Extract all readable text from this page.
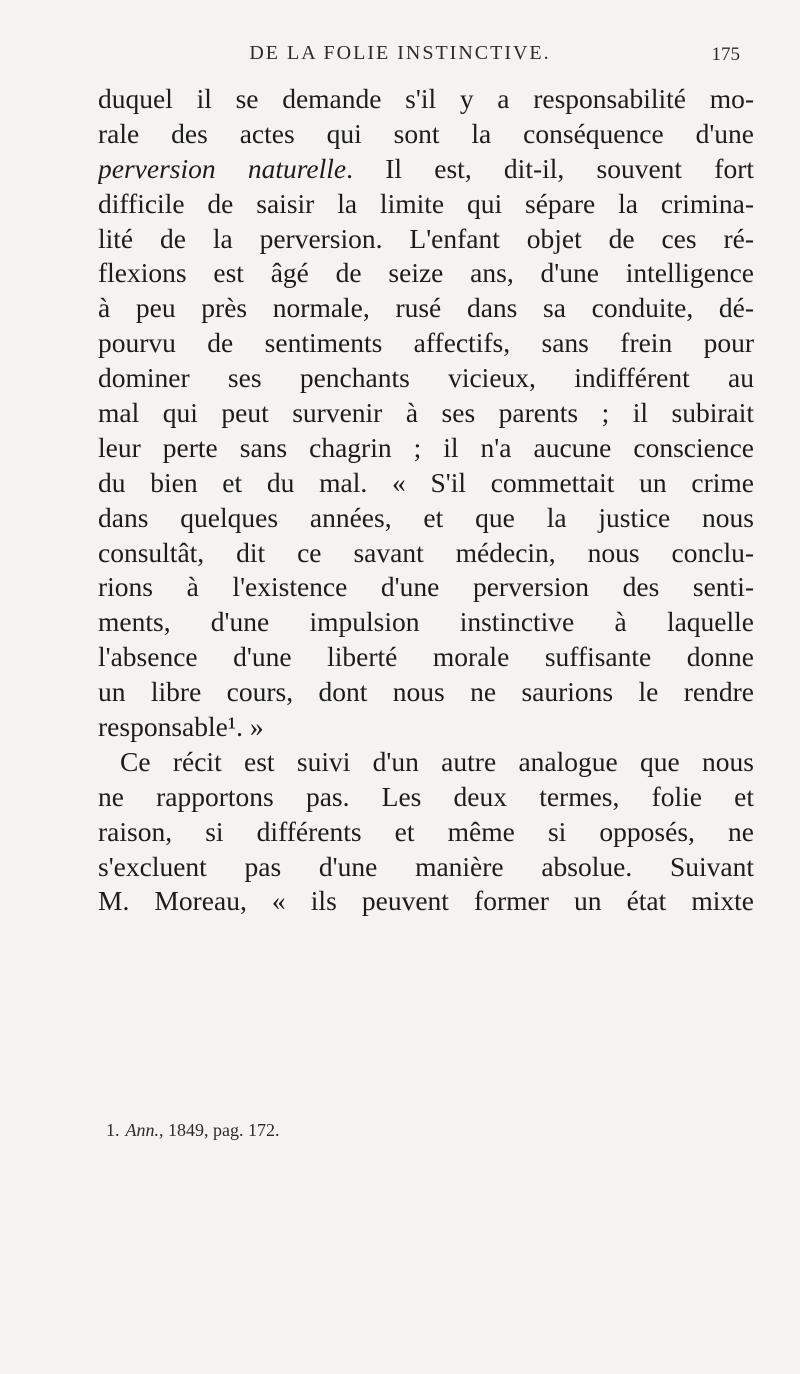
DE LA FOLIE INSTINCTIVE.	175
duquel il se demande s'il y a responsabilité mo-
rale des actes qui sont la conséquence d'une
perversion naturelle. Il est, dit-il, souvent fort
difficile de saisir la limite qui sépare la crimina-
lité de la perversion. L'enfant objet de ces ré-
flexions est âgé de seize ans, d'une intelligence
à peu près normale, rusé dans sa conduite, dé-
pourvu de sentiments affectifs, sans frein pour
dominer ses penchants vicieux, indifférent au
mal qui peut survenir à ses parents ; il subirait
leur perte sans chagrin ; il n'a aucune conscience
du bien et du mal. « S'il commettait un crime
dans quelques années, et que la justice nous
consultât, dit ce savant médecin, nous conclu-
rions à l'existence d'une perversion des senti-
ments, d'une impulsion instinctive à laquelle
l'absence d'une liberté morale suffisante donne
un libre cours, dont nous ne saurions le rendre
responsable¹. »
Ce récit est suivi d'un autre analogue que nous
ne rapportons pas. Les deux termes, folie et
raison, si différents et même si opposés, ne
s'excluent pas d'une manière absolue. Suivant
M. Moreau, « ils peuvent former un état mixte
1. Ann., 1849, pag. 172.
